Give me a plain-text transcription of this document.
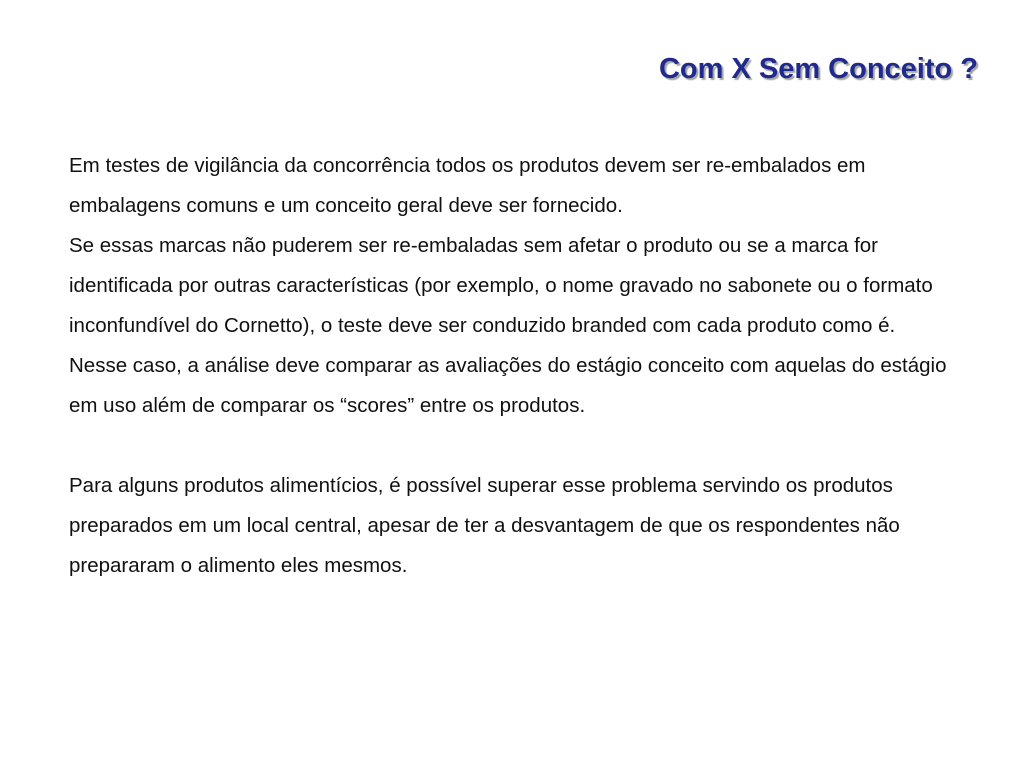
Com X Sem Conceito ?

Em testes de vigilância da concorrência todos os produtos devem ser re-embalados em embalagens comuns e um conceito geral deve ser fornecido.

Se essas marcas não puderem ser re-embaladas sem afetar o produto ou se a marca for identificada por outras características (por exemplo, o nome gravado no sabonete ou o formato inconfundível do Cornetto), o teste deve ser conduzido branded com cada produto como é.

Nesse caso, a análise deve comparar as avaliações do estágio conceito com aquelas do estágio em uso além de comparar os “scores” entre os produtos.

Para alguns produtos alimentícios, é possível superar esse problema servindo os produtos preparados em um local central, apesar de ter a desvantagem de que os respondentes não prepararam o alimento eles mesmos.
